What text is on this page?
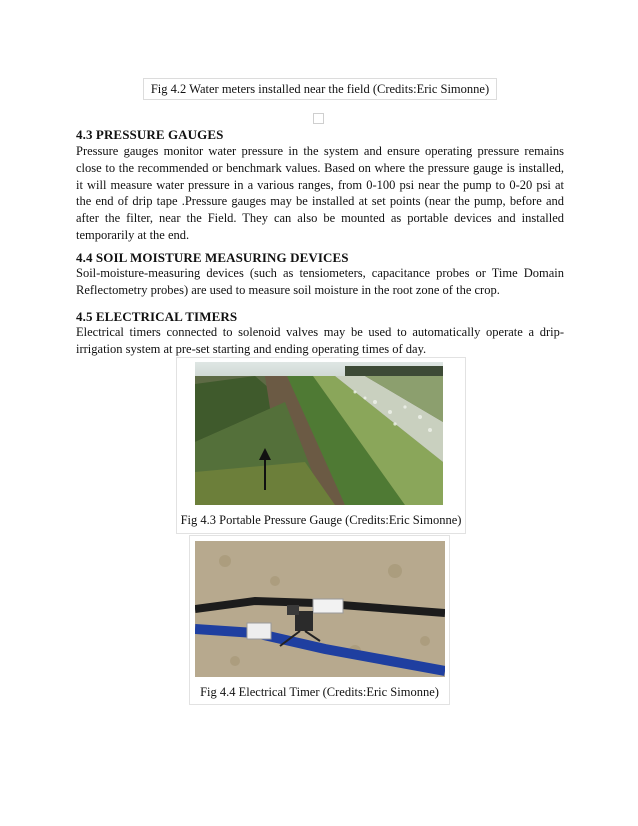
Fig 4.2 Water meters installed near the field (Credits:Eric Simonne)
4.3 PRESSURE GAUGES

Pressure gauges monitor water pressure in the system and ensure operating pressure remains close to the recommended or benchmark values. Based on where the pressure gauge is installed, it will measure water pressure in a various ranges, from 0-100 psi near the pump to 0-20 psi at the end of drip tape .Pressure gauges may be installed at set points (near the pump, before and after the filter, near the Field. They can also be mounted as portable devices and installed temporarily at the end.

4.4 SOIL MOISTURE MEASURING DEVICES

Soil-moisture-measuring devices (such as tensiometers, capacitance probes or Time Domain Reflectometry probes) are used to measure soil moisture in the root zone of the crop.

4.5 ELECTRICAL TIMERS

Electrical timers connected to solenoid valves may be used to automatically operate a drip-irrigation system at pre-set starting and ending operating times of day.

Fig 4.3 Portable Pressure Gauge (Credits:Eric Simonne)
Fig 4.4 Electrical Timer (Credits:Eric Simonne)
